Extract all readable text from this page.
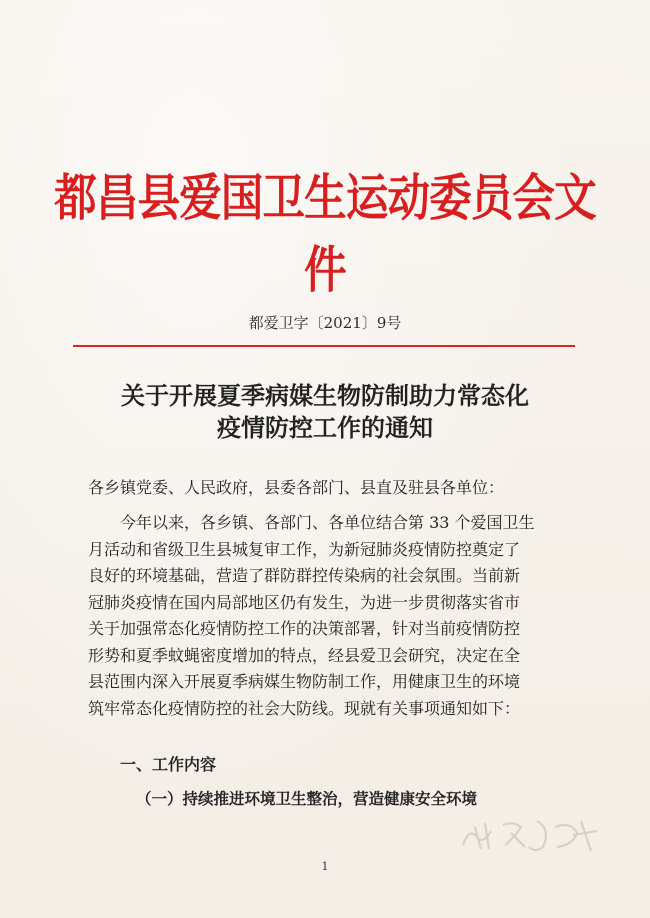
都昌县爱国卫生运动委员会文件
都爱卫字〔2021〕9号
关于开展夏季病媒生物防制助力常态化
疫情防控工作的通知
各乡镇党委、人民政府，县委各部门、县直及驻县各单位：
　　今年以来，各乡镇、各部门、各单位结合第 33 个爱国卫生
月活动和省级卫生县城复审工作，为新冠肺炎疫情防控奠定了
良好的环境基础，营造了群防群控传染病的社会氛围。当前新
冠肺炎疫情在国内局部地区仍有发生，为进一步贯彻落实省市
关于加强常态化疫情防控工作的决策部署，针对当前疫情防控
形势和夏季蚊蝇密度增加的特点，经县爱卫会研究，决定在全
县范围内深入开展夏季病媒生物防制工作，用健康卫生的环境
筑牢常态化疫情防控的社会大防线。现就有关事项通知如下：
一、工作内容
（一）持续推进环境卫生整治，营造健康安全环境
1
